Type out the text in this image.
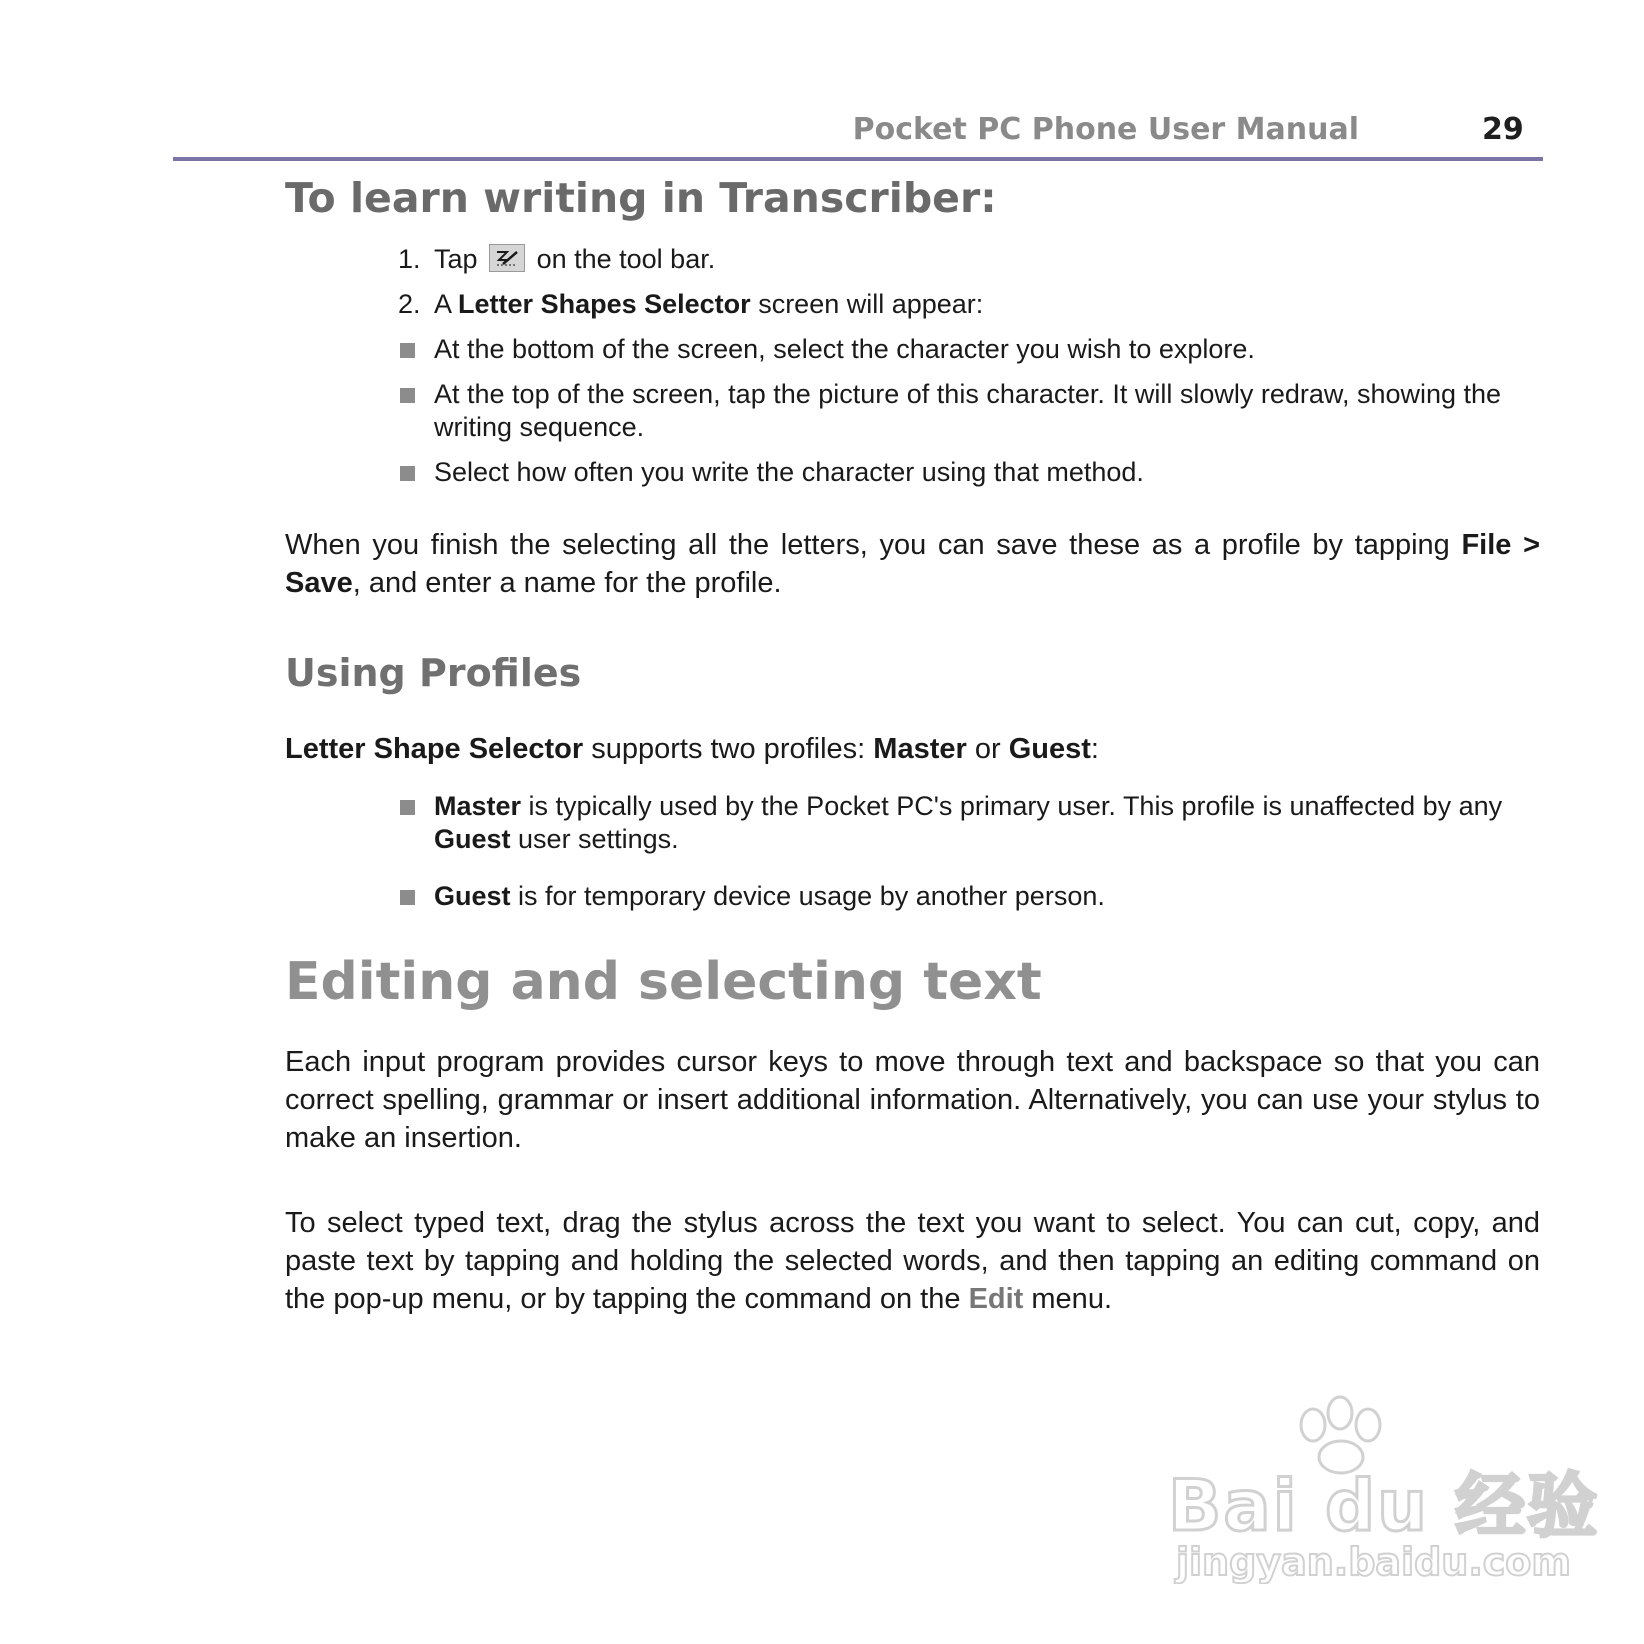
Pocket PC Phone User Manual	29
To learn writing in Transcriber:
1. Tap on the tool bar.
2. A Letter Shapes Selector screen will appear:
At the bottom of the screen, select the character you wish to explore.
At the top of the screen, tap the picture of this character. It will slowly redraw, showing the writing sequence.
Select how often you write the character using that method.

When you finish the selecting all the letters, you can save these as a profile by tapping File > Save, and enter a name for the profile.

Using Profiles

Letter Shape Selector supports two profiles: Master or Guest:

Master is typically used by the Pocket PC's primary user. This profile is unaffected by any Guest user settings.
Guest is for temporary device usage by another person.
Editing and selecting text

Each input program provides cursor keys to move through text and backspace so that you can correct spelling, grammar or insert additional information. Alternatively, you can use your stylus to make an insertion.

To select typed text, drag the stylus across the text you want to select. You can cut, copy, and paste text by tapping and holding the selected words, and then tapping an editing command on the pop-up menu, or by tapping the command on the Edit menu.

Bai du 经验
jingyan.baidu.com
